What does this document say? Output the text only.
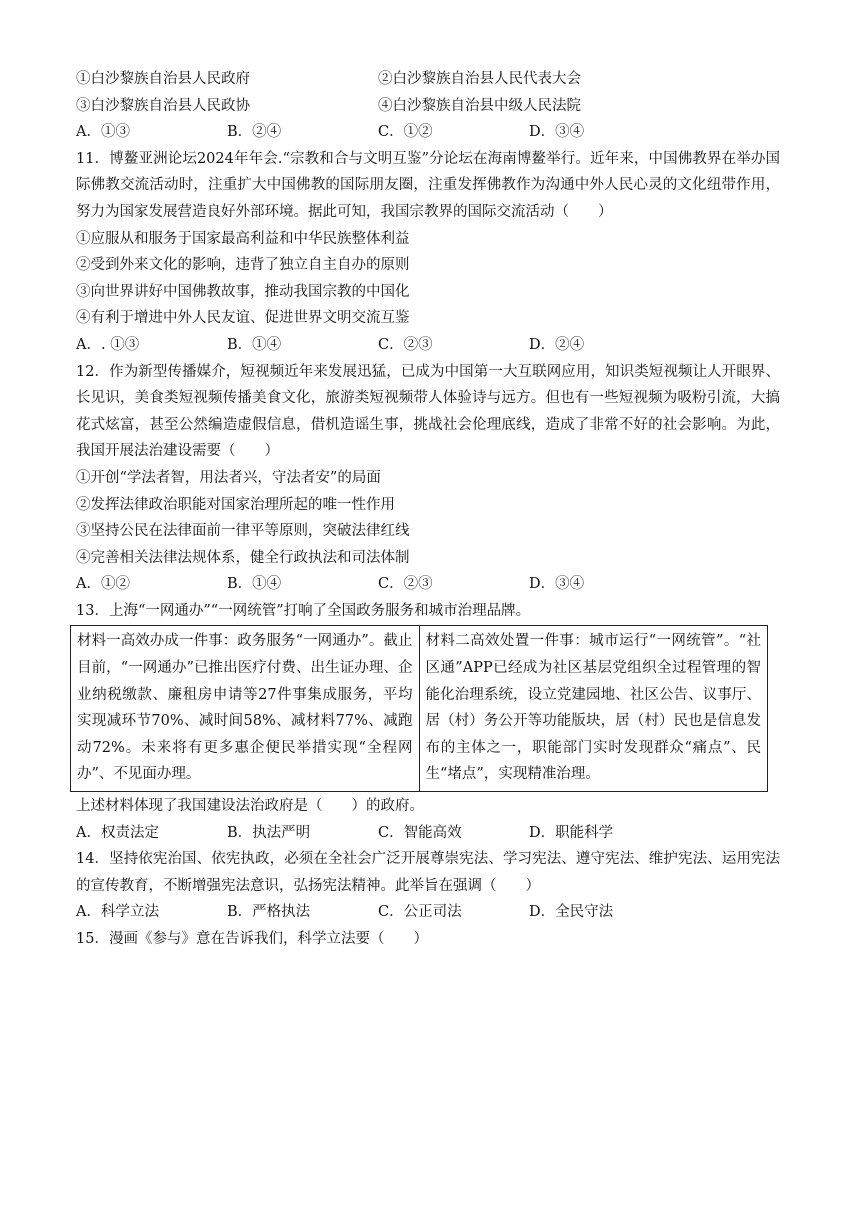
①白沙黎族自治县人民政府	②白沙黎族自治县人民代表大会
③白沙黎族自治县人民政协	④白沙黎族自治县中级人民法院
A．①③	B．②④	C．①②	D．③④
11．博鳌亚洲论坛2024年年会.“宗教和合与文明互鉴”分论坛在海南博鳌举行。近年来，中国佛教界在举办国际佛教交流活动时，注重扩大中国佛教的国际朋友圈，注重发挥佛教作为沟通中外人民心灵的文化纽带作用，努力为国家发展营造良好外部环境。据此可知，我国宗教界的国际交流活动（　　）
①应服从和服务于国家最高利益和中华民族整体利益
②受到外来文化的影响，违背了独立自主自办的原则
③向世界讲好中国佛教故事，推动我国宗教的中国化
④有利于增进中外人民友谊、促进世界文明交流互鉴
A．. ①③	B．①④	C．②③	D．②④
12．作为新型传播媒介，短视频近年来发展迅猛，已成为中国第一大互联网应用，知识类短视频让人开眼界、长见识，美食类短视频传播美食文化，旅游类短视频带人体验诗与远方。但也有一些短视频为吸粉引流，大搞花式炫富，甚至公然编造虚假信息，借机造谣生事，挑战社会伦理底线，造成了非常不好的社会影响。为此，我国开展法治建设需要（　　）
①开创“学法者智，用法者兴，守法者安”的局面
②发挥法律政治职能对国家治理所起的唯一性作用
③坚持公民在法律面前一律平等原则，突破法律红线
④完善相关法律法规体系，健全行政执法和司法体制
A．①②	B．①④	C．②③	D．③④
13．上海“一网通办”“一网统管”打响了全国政务服务和城市治理品牌。
材料一高效办成一件事：政务服务“一网通办”。截止目前，“一网通办”已推出医疗付费、出生证办理、企业纳税缴款、廉租房申请等27件事集成服务，平均实现减环节70%、减时间58%、减材料77%、减跑动72%。未来将有更多惠企便民举措实现“全程网办”、不见面办理。	材料二高效处置一件事：城市运行“一网统管”。“社区通”APP已经成为社区基层党组织全过程管理的智能化治理系统，设立党建园地、社区公告、议事厅、居（村）务公开等功能版块，居（村）民也是信息发布的主体之一，职能部门实时发现群众“痛点”、民生“堵点”，实现精准治理。
上述材料体现了我国建设法治政府是（　　）的政府。
A．权责法定	B．执法严明	C．智能高效	D．职能科学
14．坚持依宪治国、依宪执政，必须在全社会广泛开展尊崇宪法、学习宪法、遵守宪法、维护宪法、运用宪法的宣传教育，不断增强宪法意识，弘扬宪法精神。此举旨在强调（　　）
A．科学立法	B．严格执法	C．公正司法	D．全民守法
15．漫画《参与》意在告诉我们，科学立法要（　　）
